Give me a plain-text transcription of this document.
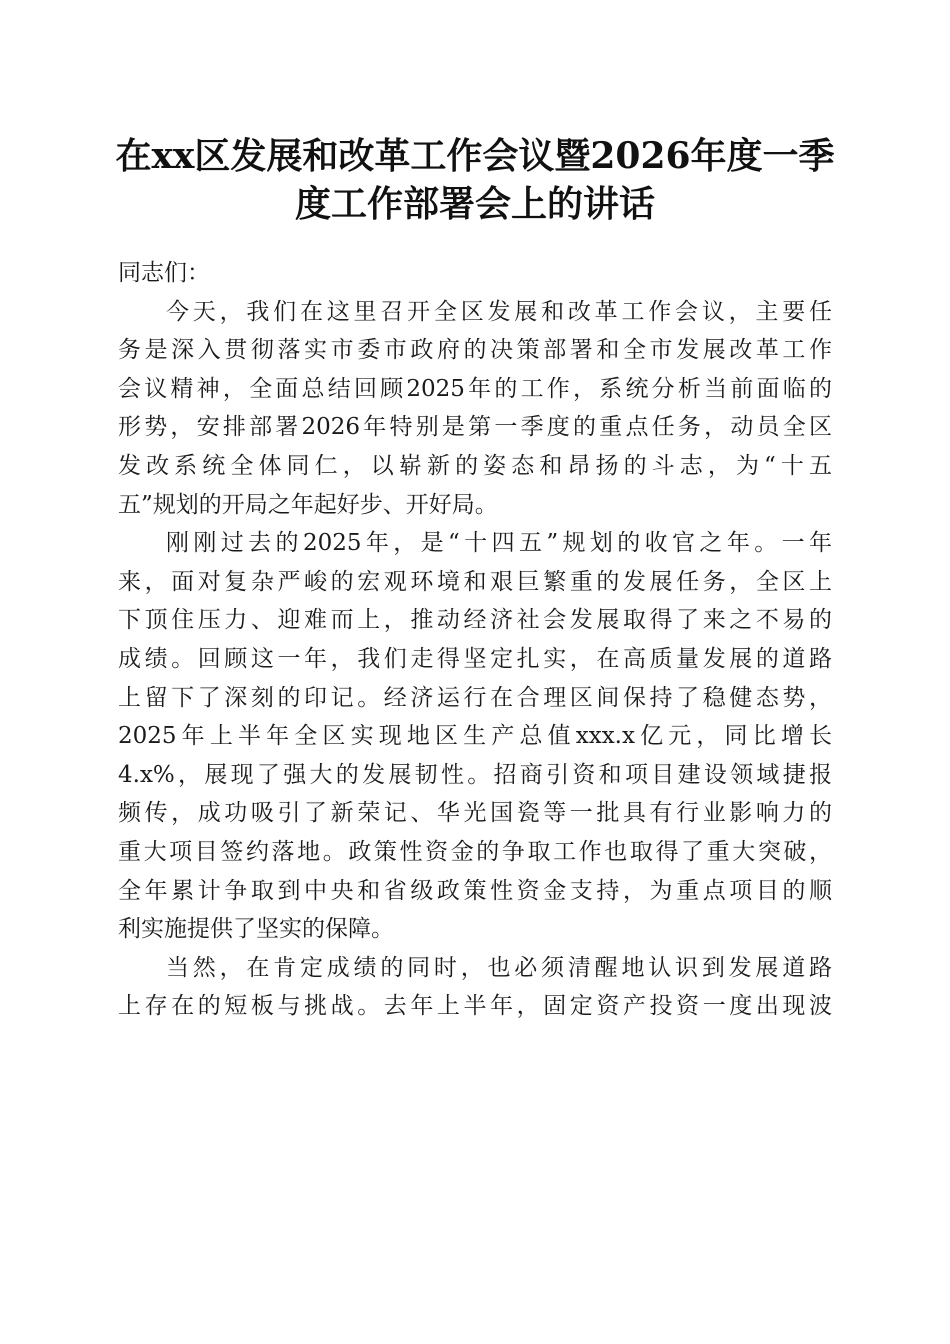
在xx区发展和改革工作会议暨2026年度一季
度工作部署会上的讲话
同志们：
今天，我们在这里召开全区发展和改革工作会议，主要任
务是深入贯彻落实市委市政府的决策部署和全市发展改革工作
会议精神，全面总结回顾2025年的工作，系统分析当前面临的
形势，安排部署2026年特别是第一季度的重点任务，动员全区
发改系统全体同仁，以崭新的姿态和昂扬的斗志，为“十五
五”规划的开局之年起好步、开好局。
刚刚过去的2025年，是“十四五”规划的收官之年。一年
来，面对复杂严峻的宏观环境和艰巨繁重的发展任务，全区上
下顶住压力、迎难而上，推动经济社会发展取得了来之不易的
成绩。回顾这一年，我们走得坚定扎实，在高质量发展的道路
上留下了深刻的印记。经济运行在合理区间保持了稳健态势，
2025年上半年全区实现地区生产总值xxx.x亿元，同比增长
4.x%，展现了强大的发展韧性。招商引资和项目建设领域捷报
频传，成功吸引了新荣记、华光国瓷等一批具有行业影响力的
重大项目签约落地。政策性资金的争取工作也取得了重大突破，
全年累计争取到中央和省级政策性资金支持，为重点项目的顺
利实施提供了坚实的保障。
当然，在肯定成绩的同时，也必须清醒地认识到发展道路
上存在的短板与挑战。去年上半年，固定资产投资一度出现波
